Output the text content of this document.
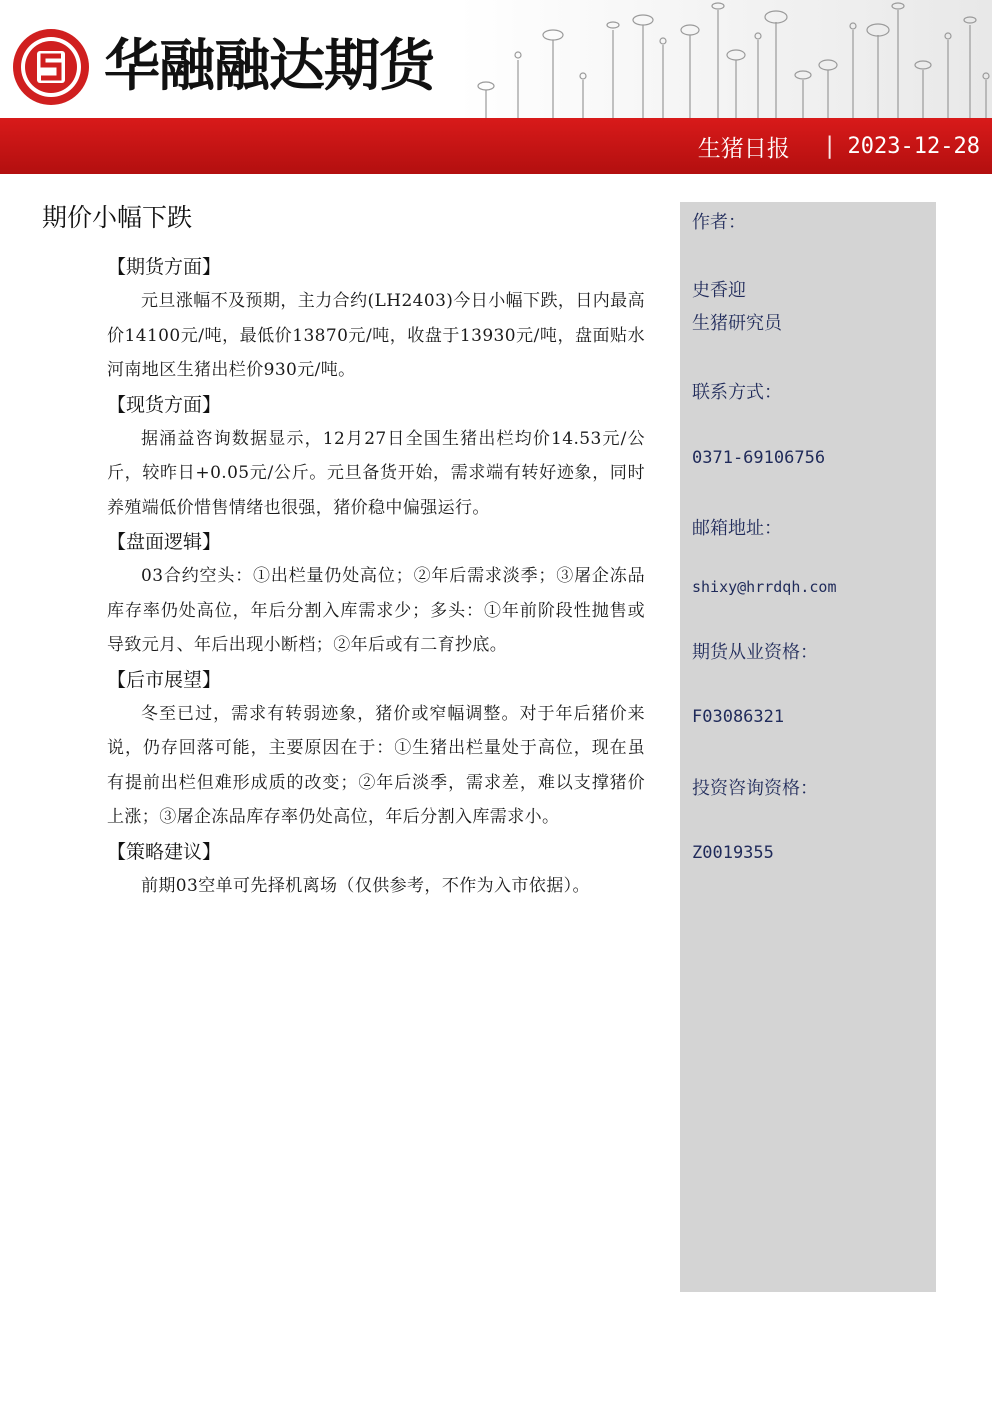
华融融达期货
生猪日报 | 2023-12-28
期价小幅下跌

【期货方面】

元旦涨幅不及预期，主力合约(LH2403)今日小幅下跌，日内最高价14100元/吨，最低价13870元/吨，收盘于13930元/吨，盘面贴水河南地区生猪出栏价930元/吨。

【现货方面】

据涌益咨询数据显示，12月27日全国生猪出栏均价14.53元/公斤，较昨日+0.05元/公斤。元旦备货开始，需求端有转好迹象，同时养殖端低价惜售情绪也很强，猪价稳中偏强运行。

【盘面逻辑】

03合约空头：①出栏量仍处高位；②年后需求淡季；③屠企冻品库存率仍处高位，年后分割入库需求少；多头：①年前阶段性抛售或导致元月、年后出现小断档；②年后或有二育抄底。

【后市展望】

冬至已过，需求有转弱迹象，猪价或窄幅调整。对于年后猪价来说，仍存回落可能，主要原因在于：①生猪出栏量处于高位，现在虽有提前出栏但难形成质的改变；②年后淡季，需求差，难以支撑猪价上涨；③屠企冻品库存率仍处高位，年后分割入库需求小。

【策略建议】

前期03空单可先择机离场（仅供参考，不作为入市依据）。

作者：
史香迎
生猪研究员
联系方式：
0371-69106756
邮箱地址：
shixy@hrrdqh.com
期货从业资格：
F03086321
投资咨询资格：
Z0019355
